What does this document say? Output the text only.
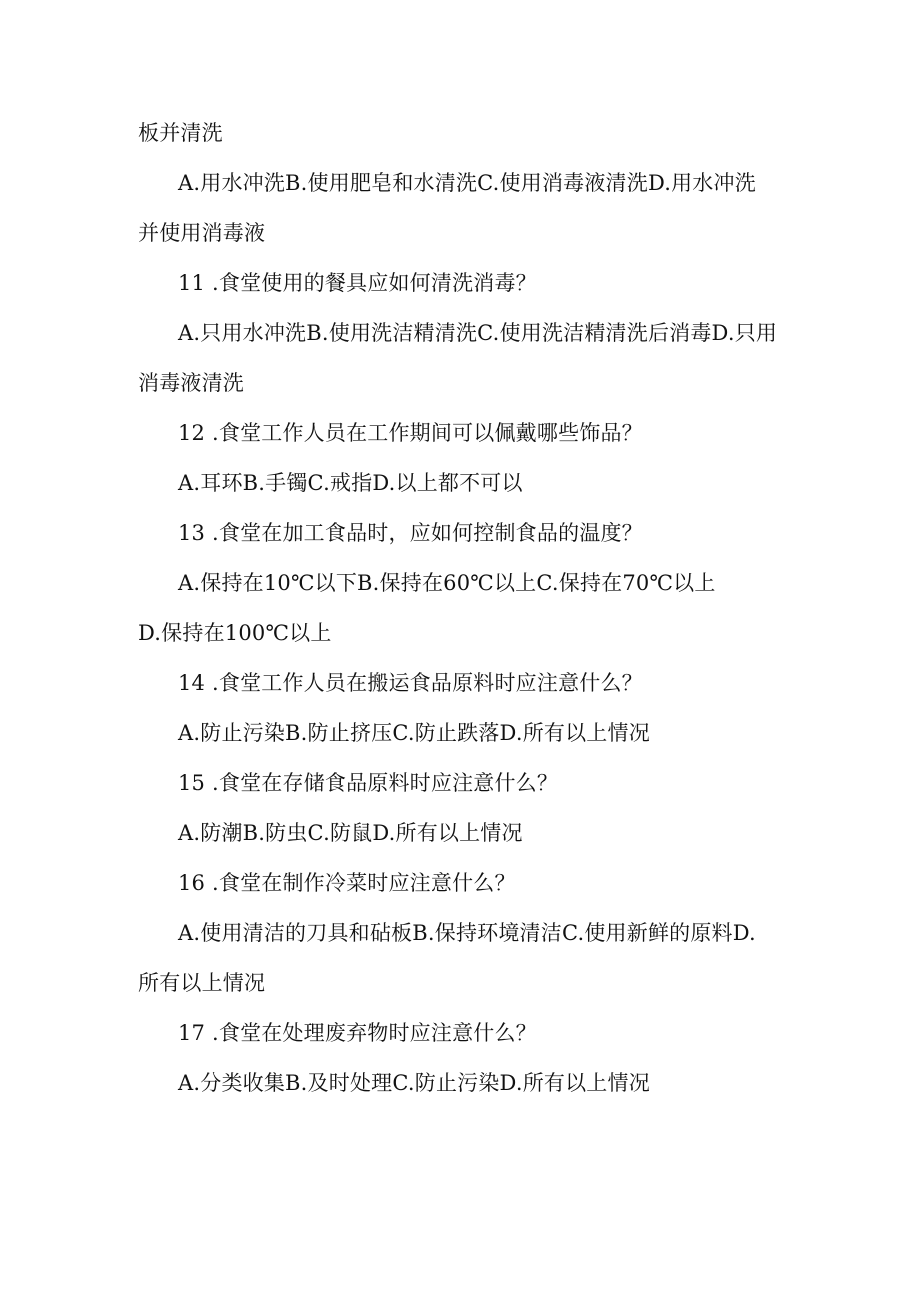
板并清洗
A.用水冲洗B.使用肥皂和水清洗C.使用消毒液清洗D.用水冲洗
并使用消毒液
11 .食堂使用的餐具应如何清洗消毒？
A.只用水冲洗B.使用洗洁精清洗C.使用洗洁精清洗后消毒D.只用
消毒液清洗
12 .食堂工作人员在工作期间可以佩戴哪些饰品？
A.耳环B.手镯C.戒指D.以上都不可以
13 .食堂在加工食品时，应如何控制食品的温度？
A.保持在10℃以下B.保持在60℃以上C.保持在70℃以上
D.保持在100℃以上
14 .食堂工作人员在搬运食品原料时应注意什么？
A.防止污染B.防止挤压C.防止跌落D.所有以上情况
15 .食堂在存储食品原料时应注意什么？
A.防潮B.防虫C.防鼠D.所有以上情况
16 .食堂在制作冷菜时应注意什么？
A.使用清洁的刀具和砧板B.保持环境清洁C.使用新鲜的原料D.
所有以上情况
17 .食堂在处理废弃物时应注意什么？
A.分类收集B.及时处理C.防止污染D.所有以上情况
